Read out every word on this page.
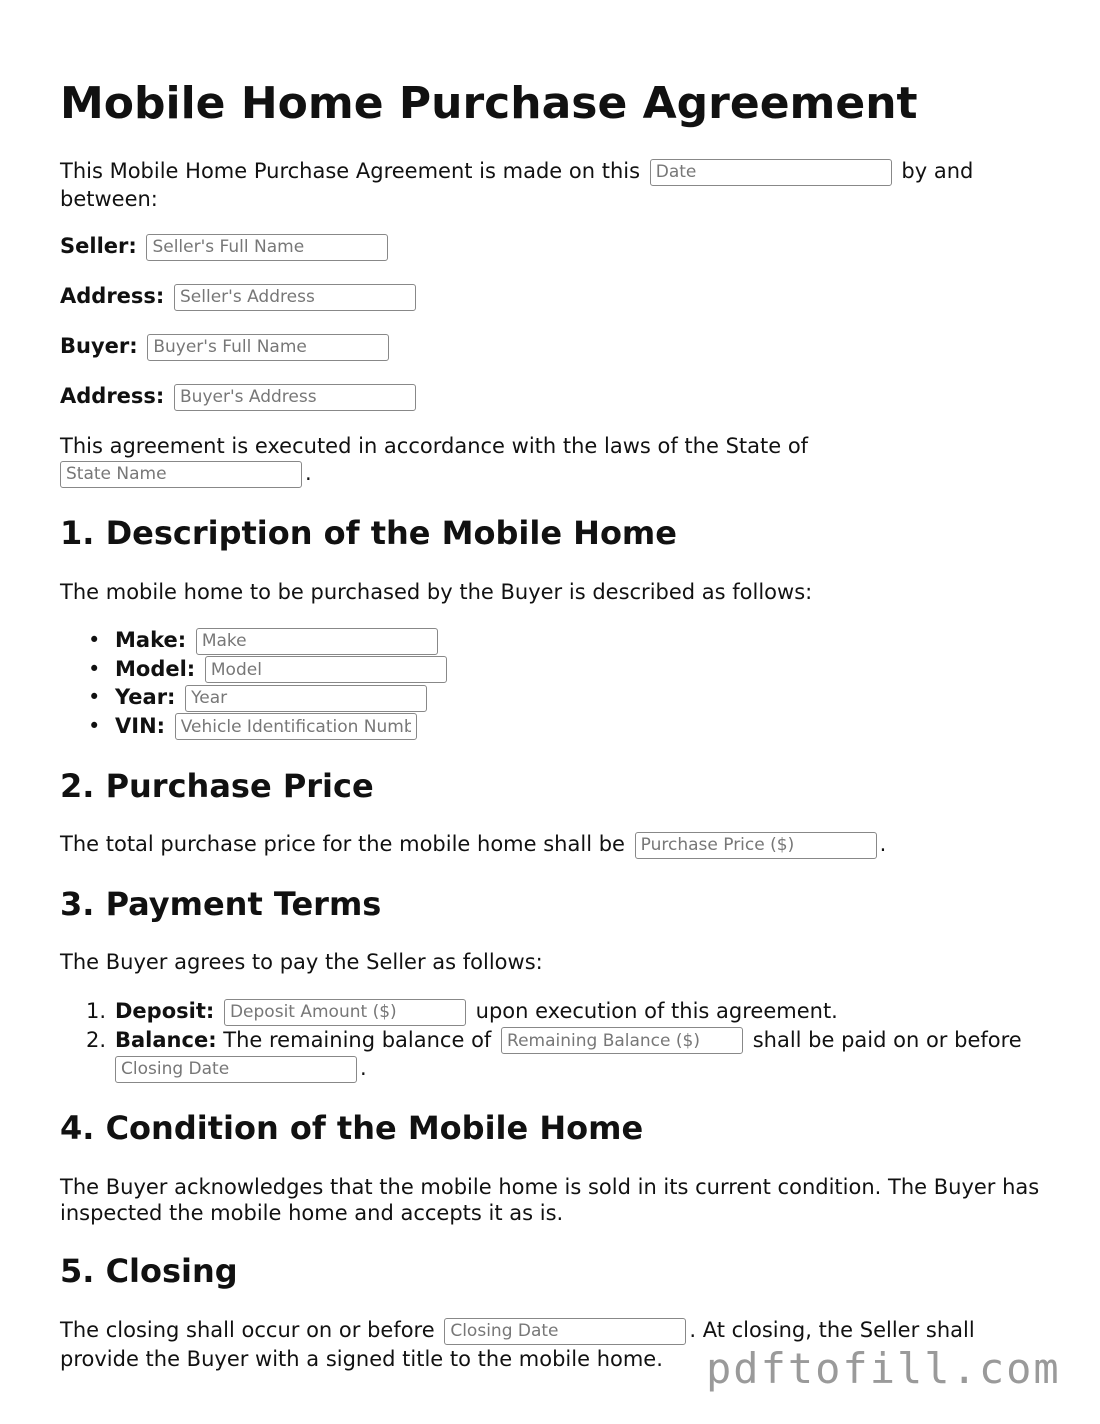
Mobile Home Purchase Agreement
This Mobile Home Purchase Agreement is made on this Date	by and between:
Seller: Seller's Full Name
Address: Seller's Address
Buyer: Buyer's Full Name
Address: Buyer's Address
This agreement is executed in accordance with the laws of the State of
State Name.
1. Description of the Mobile Home
The mobile home to be purchased by the Buyer is described as follows:
• Make: Make
• Model: Model
• Year: Year
• VIN: Vehicle Identification Number
2. Purchase Price
The total purchase price for the mobile home shall be Purchase Price ($)	.
3. Payment Terms
The Buyer agrees to pay the Seller as follows:
1. Deposit: Deposit Amount ($)	upon execution of this agreement.
2. Balance: The remaining balance of Remaining Balance ($)	shall be paid on or before
Closing Date.
4. Condition of the Mobile Home
The Buyer acknowledges that the mobile home is sold in its current condition. The Buyer has inspected the mobile home and accepts it as is.
5. Closing
The closing shall occur on or before Closing Date	. At closing, the Seller shall provide the Buyer with a signed title to the mobile home.	pdftofill.com
